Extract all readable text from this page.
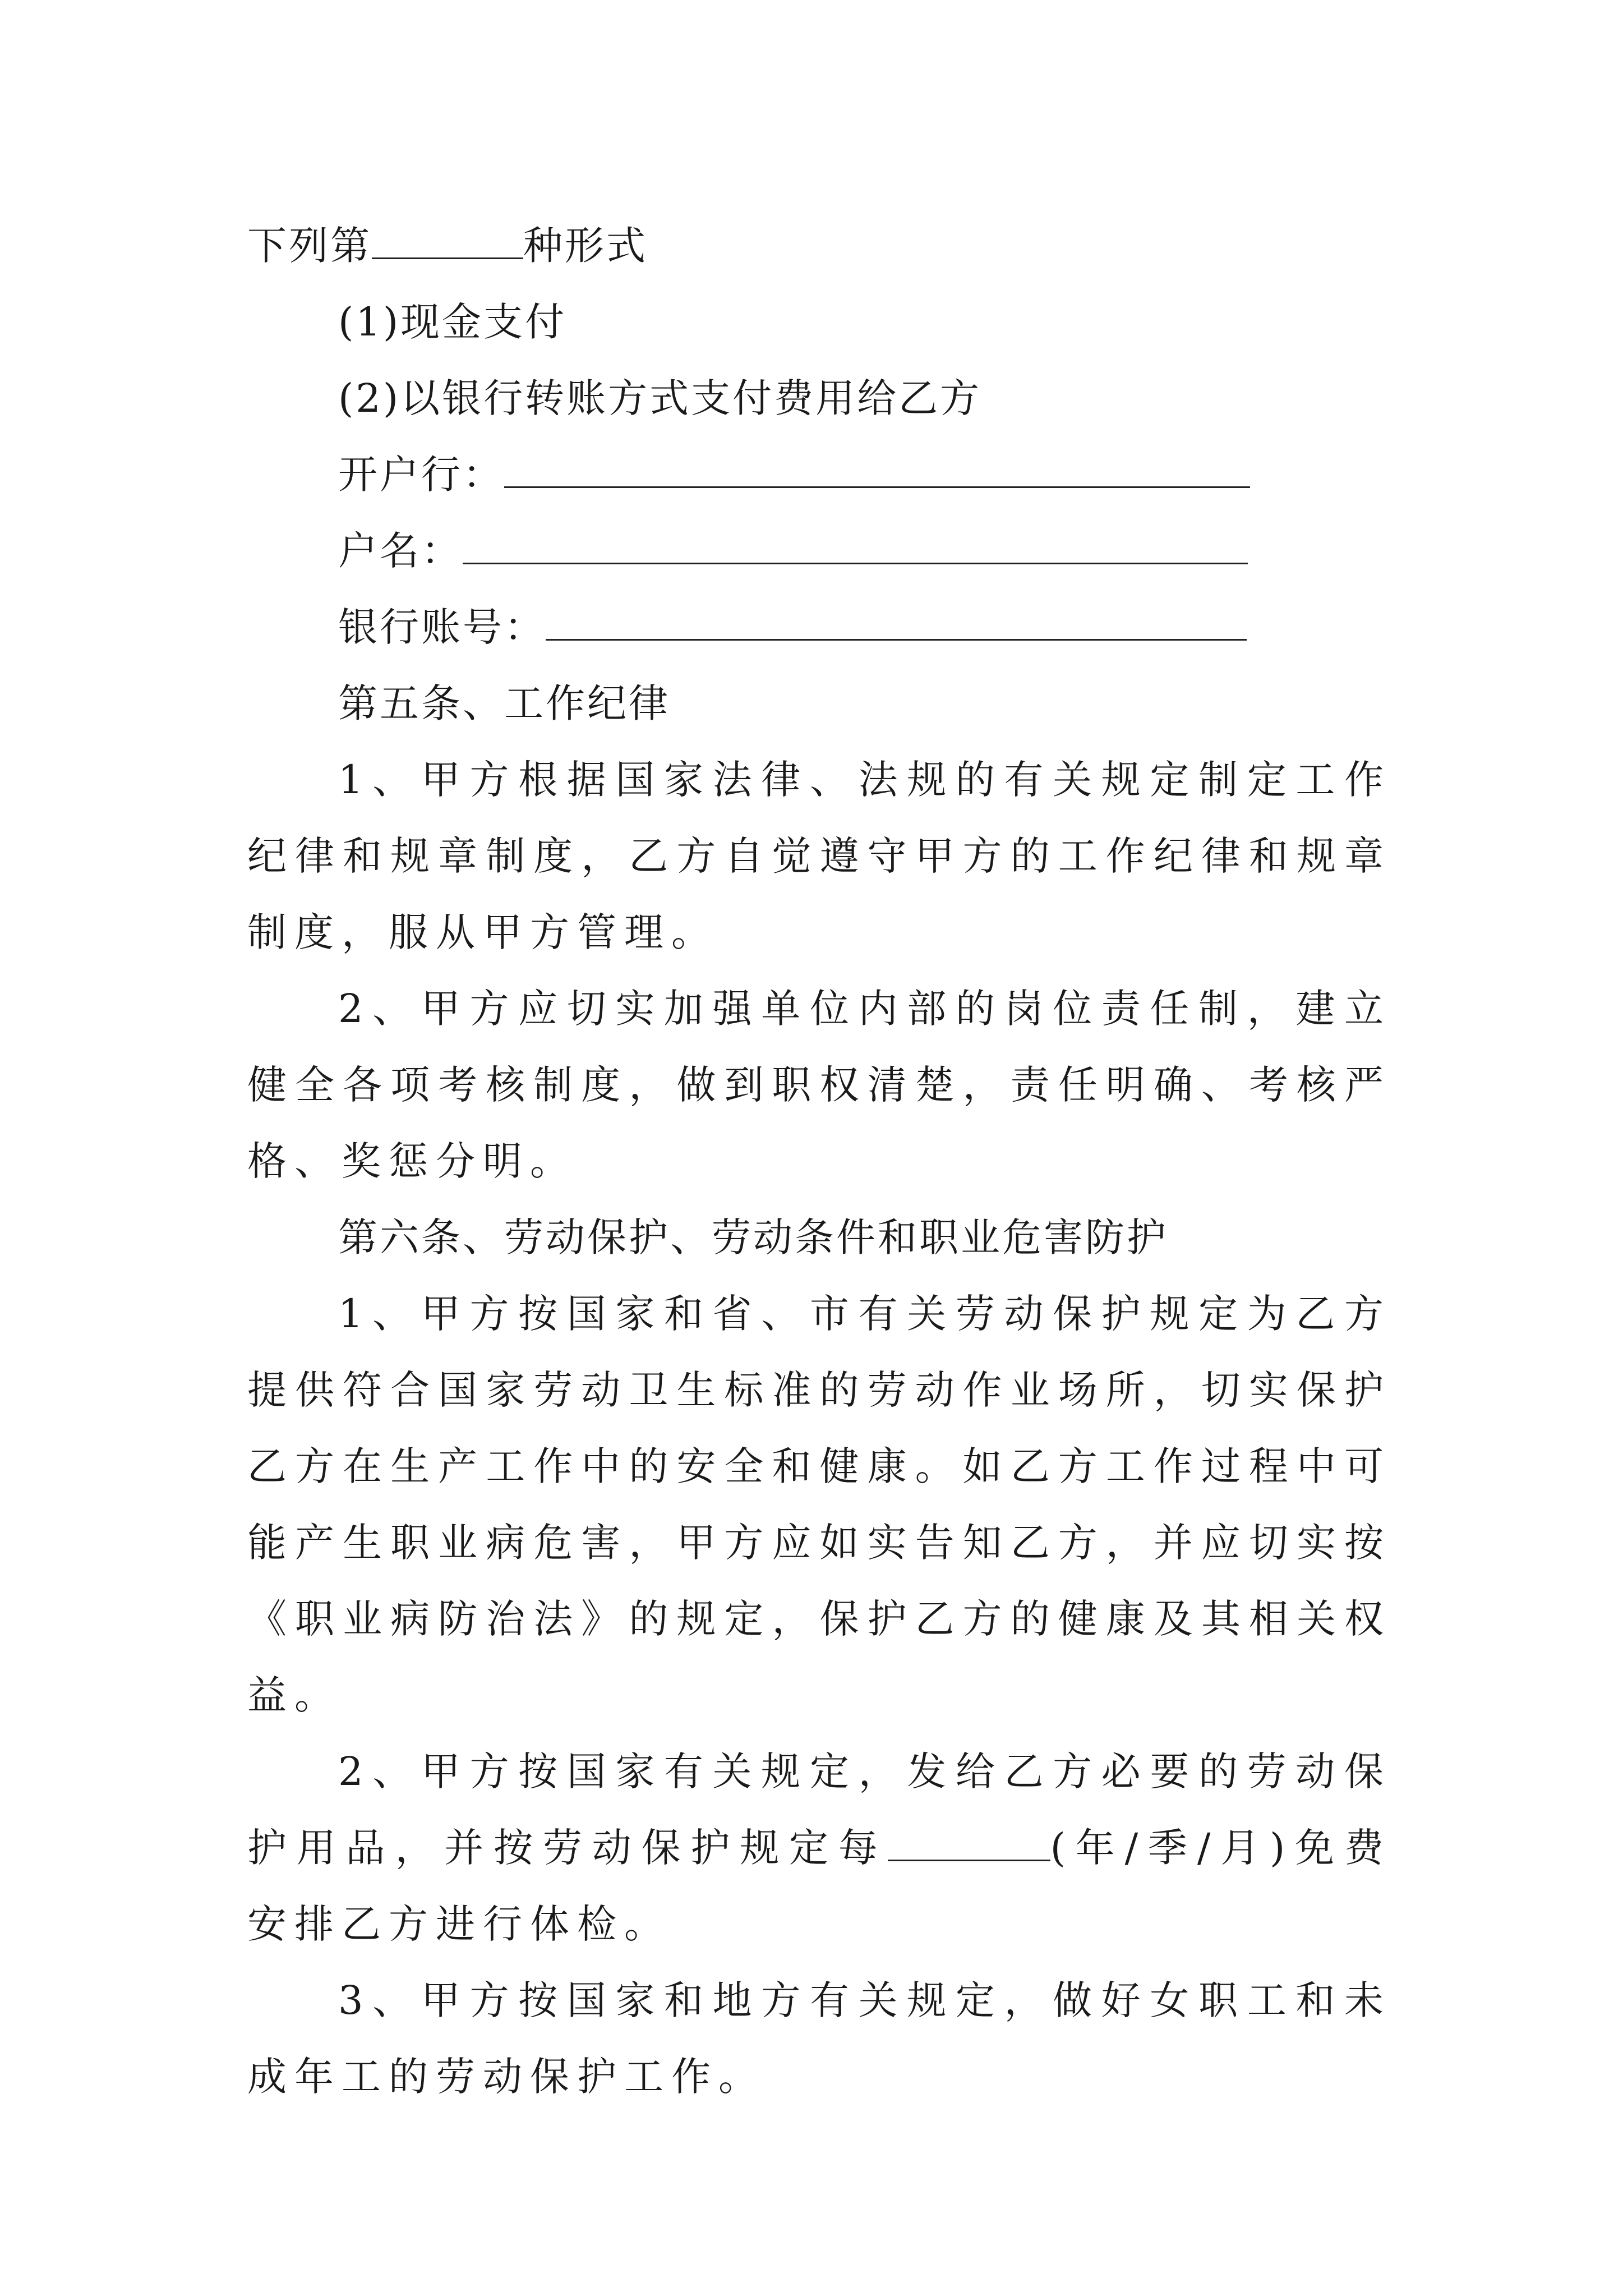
下列第	种形式

(1)现金支付

(2)以银行转账方式支付费用给乙方

开户行：

户名：

银行账号：

第五条、工作纪律

1、甲方根据国家法律、法规的有关规定制定工作纪律和规章制度，乙方自觉遵守甲方的工作纪律和规章制度，服从甲方管理。

2、甲方应切实加强单位内部的岗位责任制，建立健全各项考核制度，做到职权清楚，责任明确、考核严格、奖惩分明。

第六条、劳动保护、劳动条件和职业危害防护

1、甲方按国家和省、市有关劳动保护规定为乙方提供符合国家劳动卫生标准的劳动作业场所，切实保护乙方在生产工作中的安全和健康。如乙方工作过程中可能产生职业病危害，甲方应如实告知乙方，并应切实按《职业病防治法》的规定，保护乙方的健康及其相关权益。

2、甲方按国家有关规定，发给乙方必要的劳动保护用品，并按劳动保护规定每	(年/季/月)免费安排乙方进行体检。

3、甲方按国家和地方有关规定，做好女职工和未成年工的劳动保护工作。
